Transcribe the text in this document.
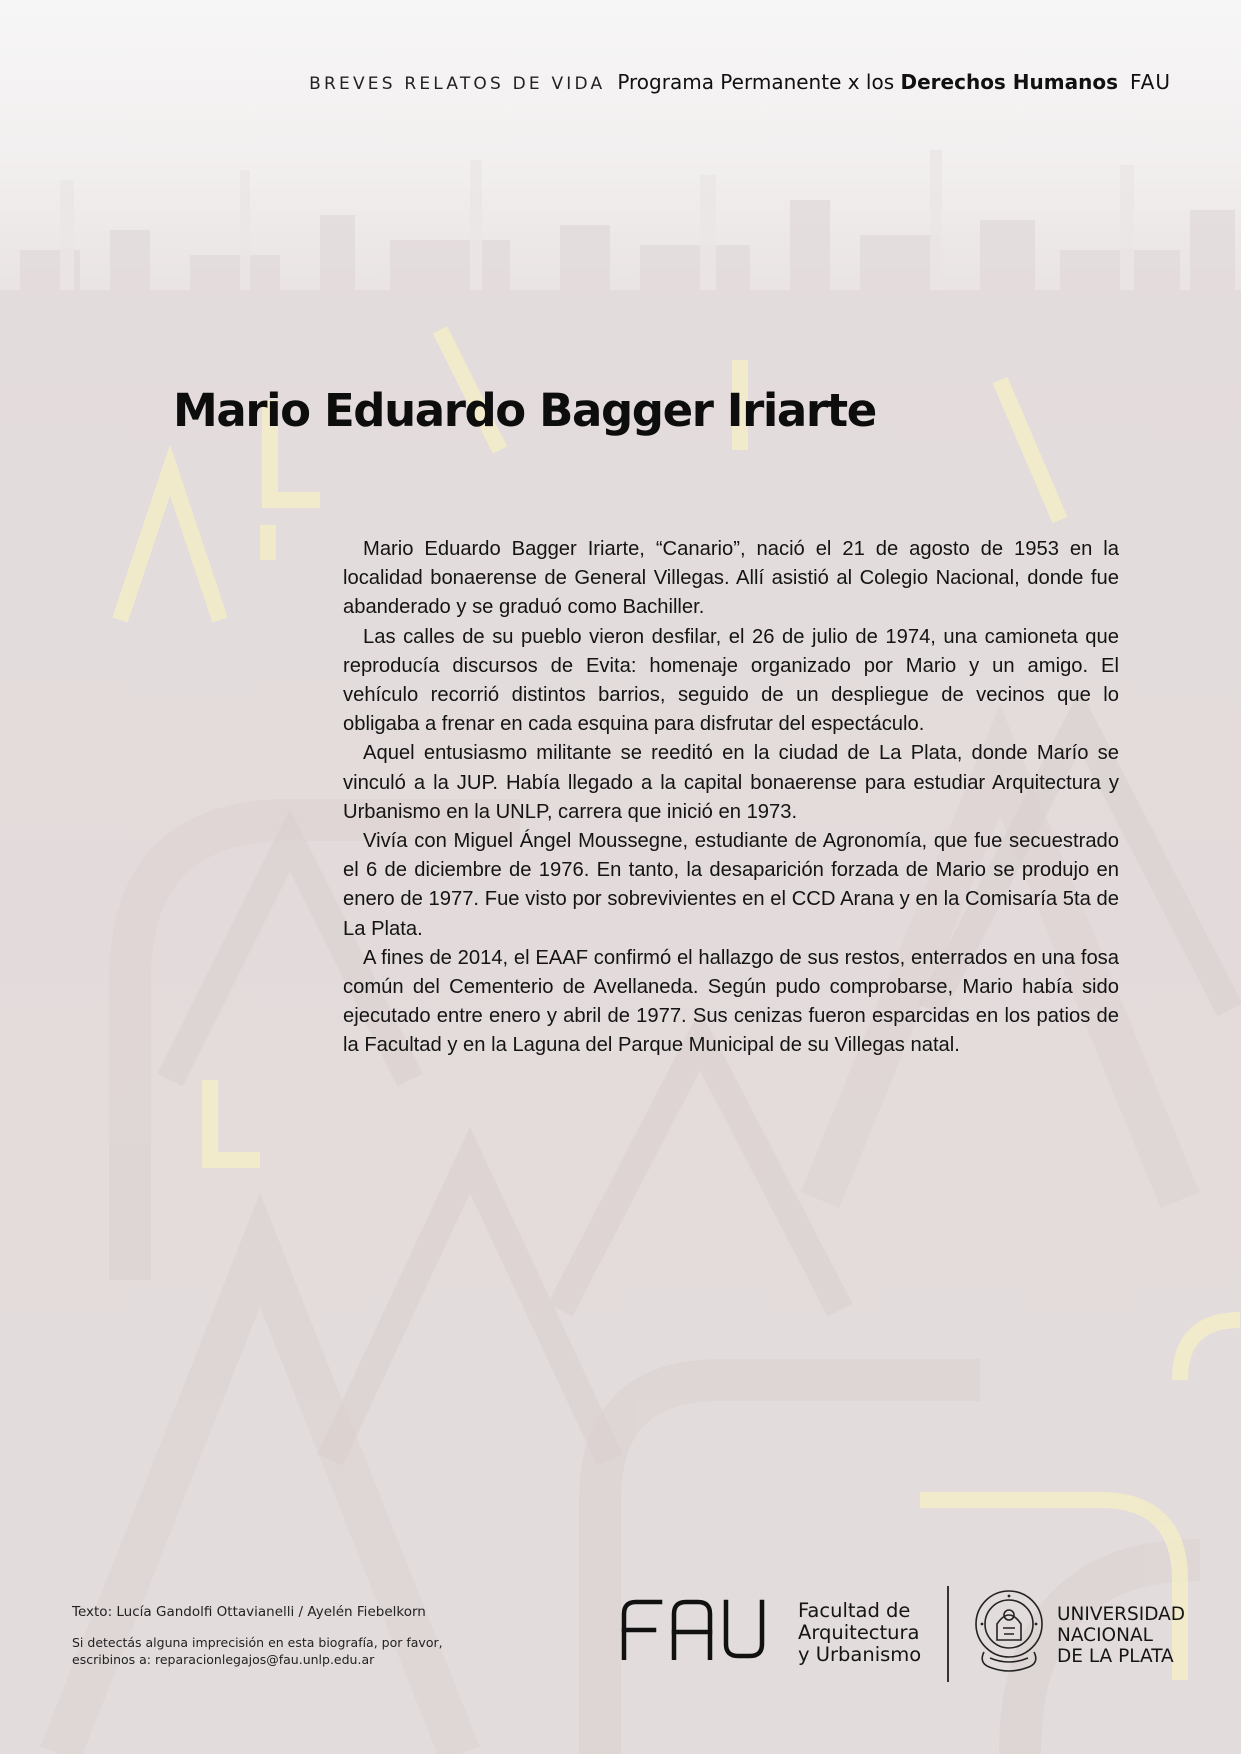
BREVES RELATOS DE VIDA Programa Permanente x los Derechos Humanos FAU
Mario Eduardo Bagger Iriarte

Mario Eduardo Bagger Iriarte, “Canario”, nació el 21 de agosto de 1953 en la localidad bonaerense de General Villegas. Allí asistió al Colegio Nacional, donde fue abanderado y se graduó como Bachiller.

Las calles de su pueblo vieron desfilar, el 26 de julio de 1974, una camioneta que reproducía discursos de Evita: homenaje organizado por Mario y un amigo. El vehículo recorrió distintos barrios, seguido de un despliegue de vecinos que lo obligaba a frenar en cada esquina para disfrutar del espectáculo.

Aquel entusiasmo militante se reeditó en la ciudad de La Plata, donde Marío se vinculó a la JUP. Había llegado a la capital bonaerense para estudiar Arquitectura y Urbanismo en la UNLP, carrera que inició en 1973.

Vivía con Miguel Ángel Moussegne, estudiante de Agronomía, que fue secuestrado el 6 de diciembre de 1976. En tanto, la desaparición forzada de Mario se produjo en enero de 1977. Fue visto por sobrevivientes en el CCD Arana y en la Comisaría 5ta de La Plata.

A fines de 2014, el EAAF confirmó el hallazgo de sus restos, enterrados en una fosa común del Cementerio de Avellaneda. Según pudo comprobarse, Mario había sido ejecutado entre enero y abril de 1977. Sus cenizas fueron esparcidas en los patios de la Facultad y en la Laguna del Parque Municipal de su Villegas natal.

Texto: Lucía Gandolfi Ottavianelli / Ayelén Fiebelkorn

Si detectás alguna imprecisión en esta biografía, por favor,
escribinos a: reparacionlegajos@fau.unlp.edu.ar

Facultad de
Arquitectura
y Urbanismo
UNIVERSIDAD
NACIONAL
DE LA PLATA
